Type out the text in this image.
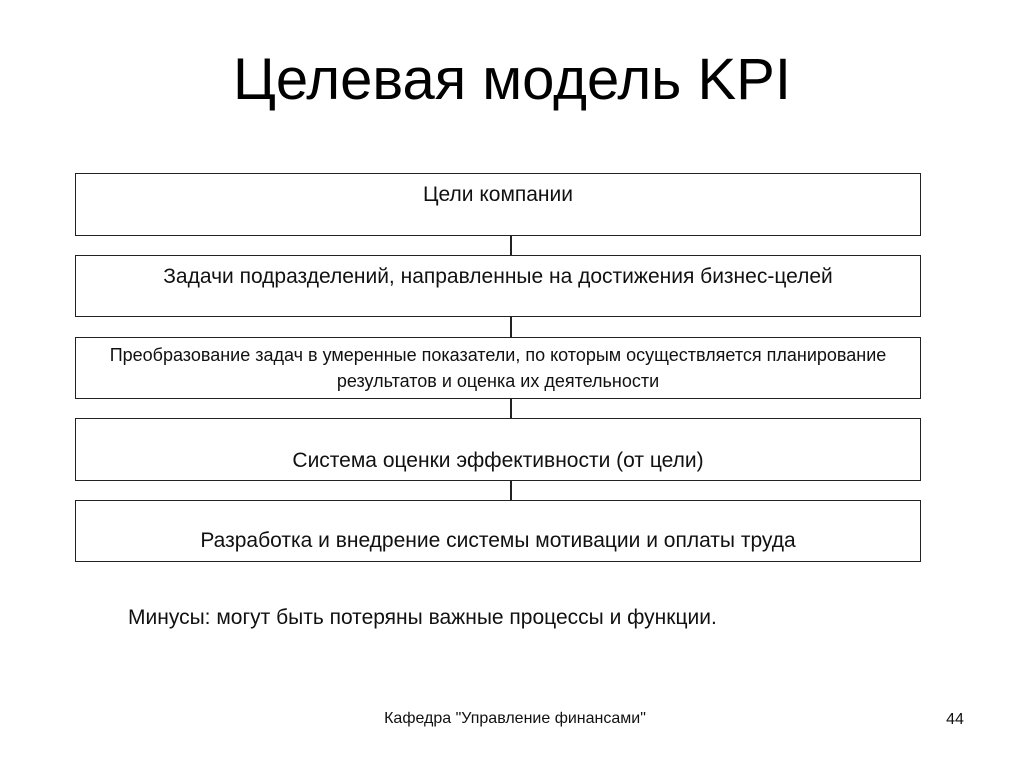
Целевая модель KPI
Цели компании
Задачи подразделений, направленные на достижения бизнес-целей
Преобразование задач в умеренные показатели, по которым осуществляется планирование результатов и оценка их деятельности
Система оценки эффективности (от цели)
Разработка и внедрение системы мотивации и оплаты труда
Минусы: могут быть потеряны важные процессы и функции.
Кафедра "Управление финансами"	44
